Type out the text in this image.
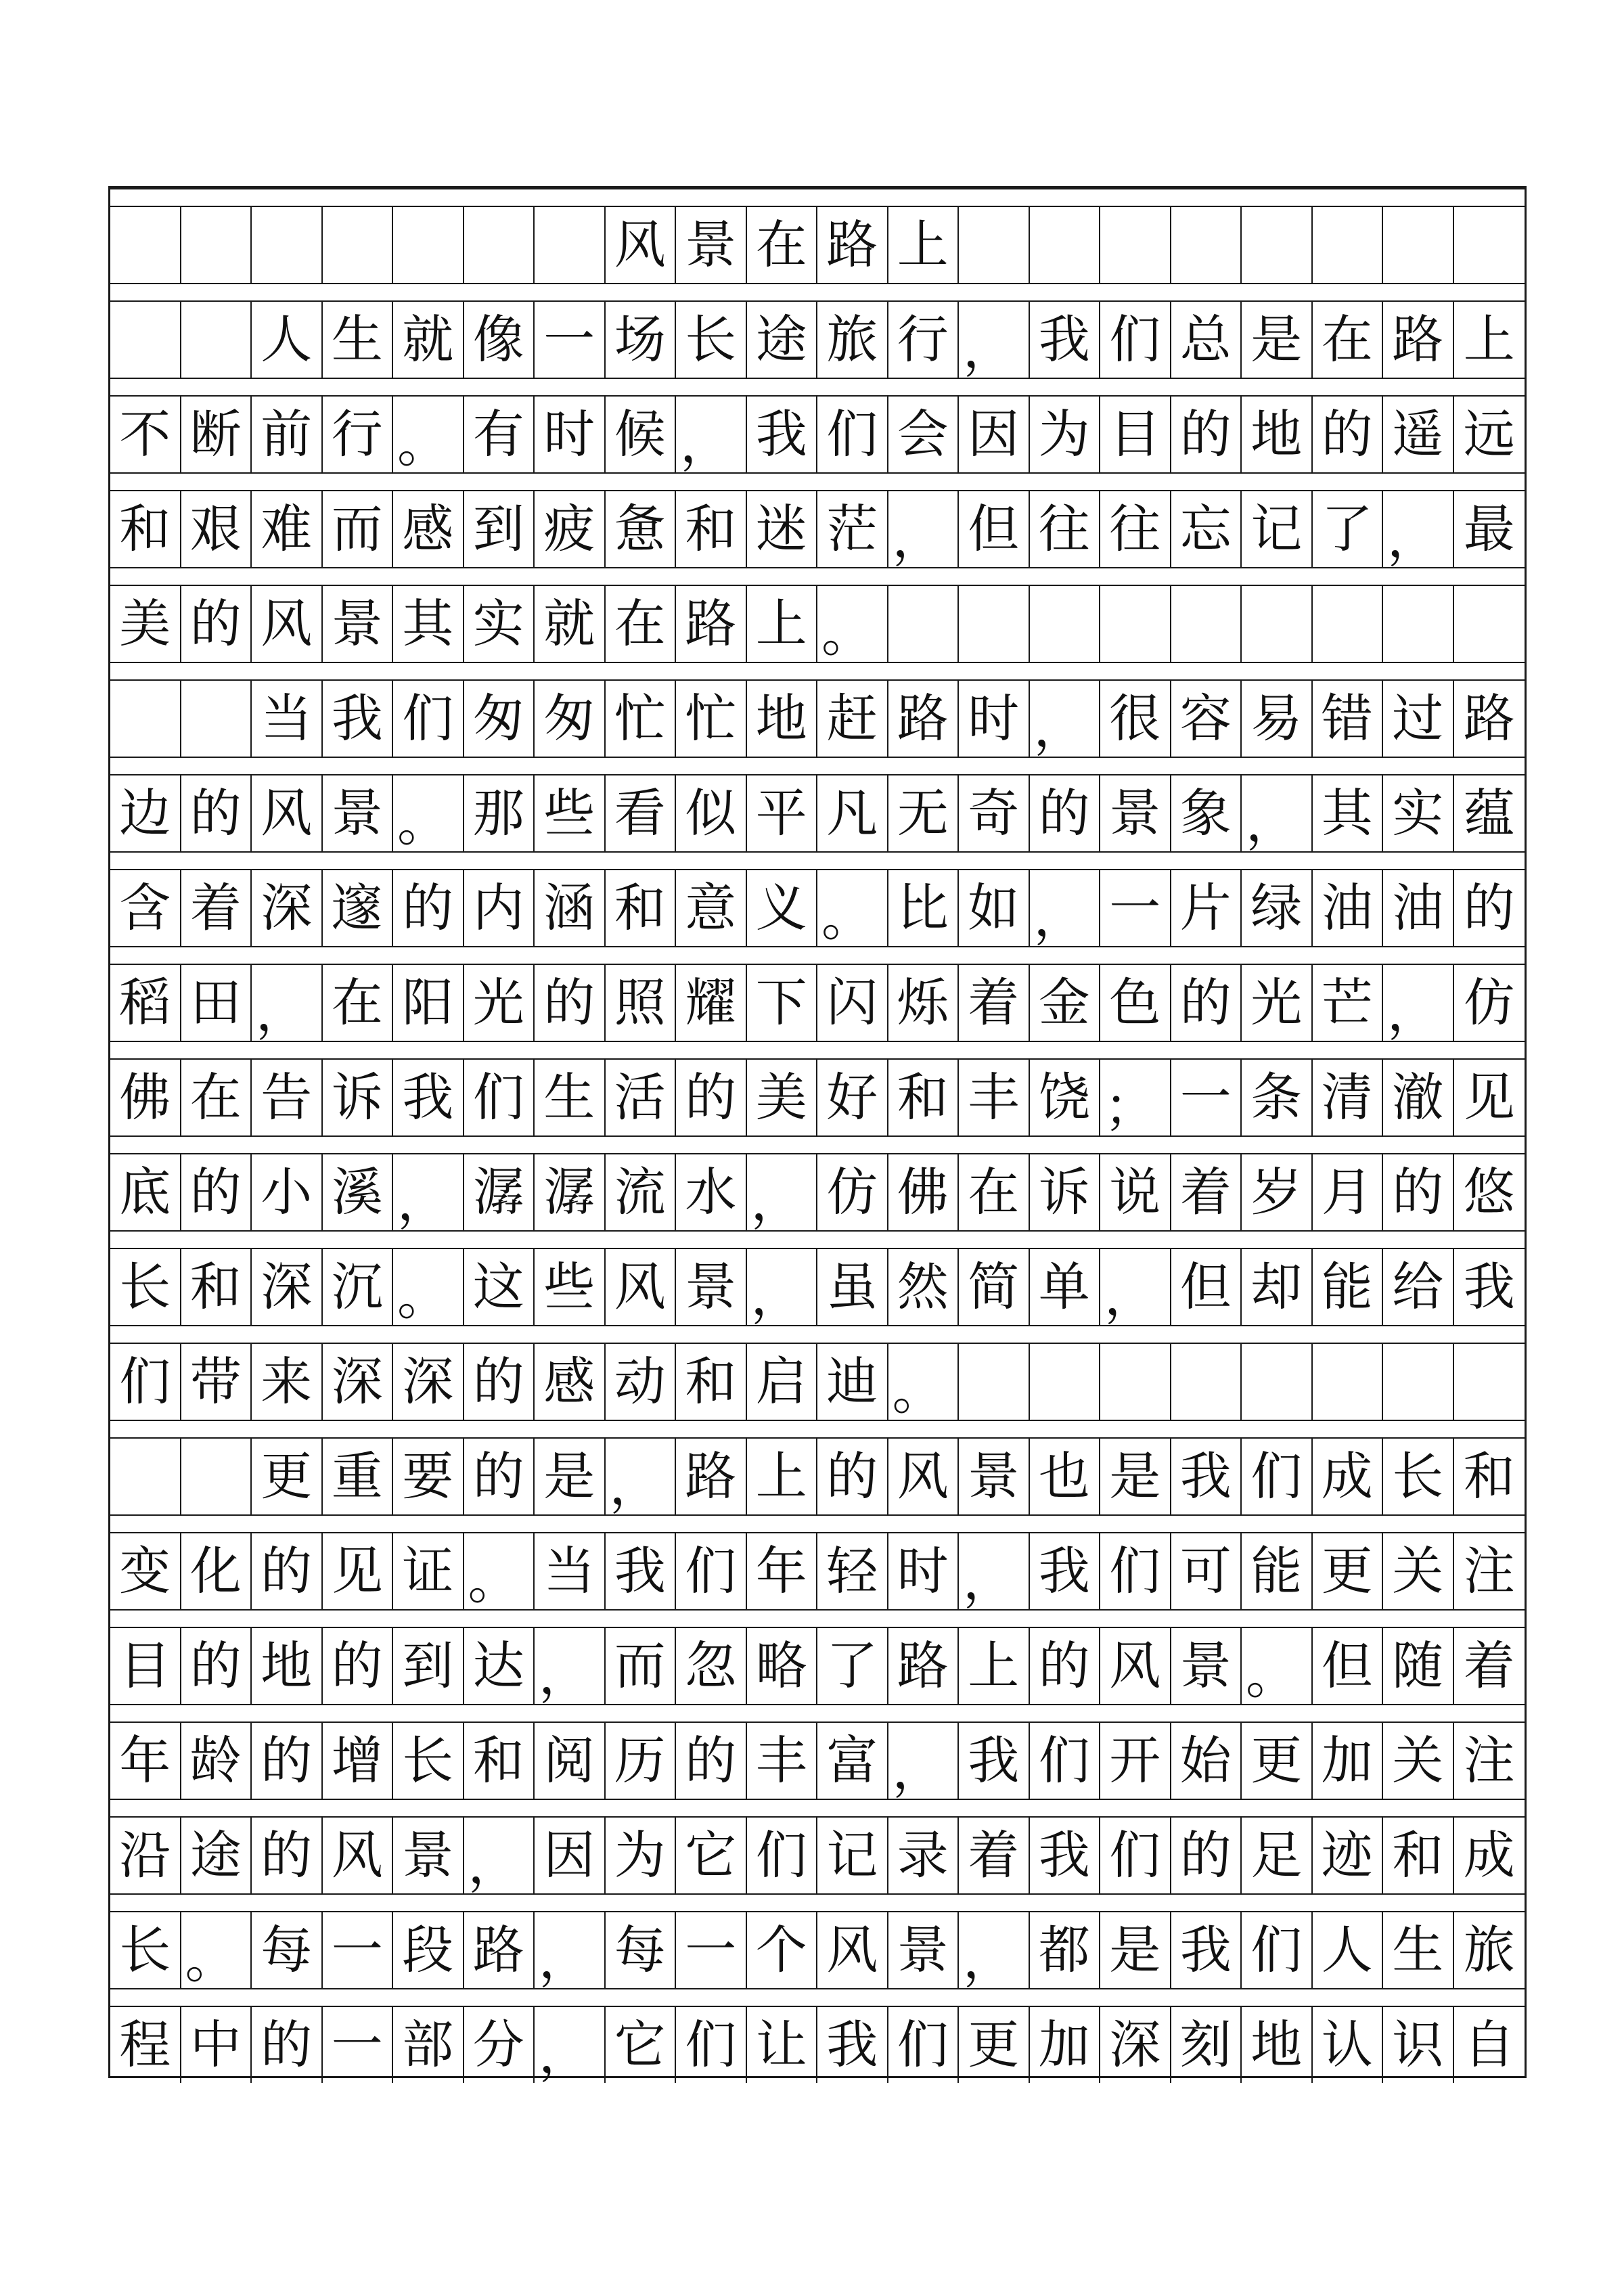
风 景 在 路 上
人 生 就 像 一 场 长 途 旅 行 ， 我 们 总 是 在 路 上
不 断 前 行 。 有 时 候 ， 我 们 会 因 为 目 的 地 的 遥 远
和 艰 难 而 感 到 疲 惫 和 迷 茫 ， 但 往 往 忘 记 了 ， 最
美 的 风 景 其 实 就 在 路 上 。
当 我 们 匆 匆 忙 忙 地 赶 路 时 ， 很 容 易 错 过 路
边 的 风 景 。 那 些 看 似 平 凡 无 奇 的 景 象 ， 其 实 蕴
含 着 深 邃 的 内 涵 和 意 义 。 比 如 ， 一 片 绿 油 油 的
稻 田 ， 在 阳 光 的 照 耀 下 闪 烁 着 金 色 的 光 芒 ， 仿
佛 在 告 诉 我 们 生 活 的 美 好 和 丰 饶 ； 一 条 清 澈 见
底 的 小 溪 ， 潺 潺 流 水 ， 仿 佛 在 诉 说 着 岁 月 的 悠
长 和 深 沉 。 这 些 风 景 ， 虽 然 简 单 ， 但 却 能 给 我
们 带 来 深 深 的 感 动 和 启 迪 。
更 重 要 的 是 ， 路 上 的 风 景 也 是 我 们 成 长 和
变 化 的 见 证 。 当 我 们 年 轻 时 ， 我 们 可 能 更 关 注
目 的 地 的 到 达 ， 而 忽 略 了 路 上 的 风 景 。 但 随 着
年 龄 的 增 长 和 阅 历 的 丰 富 ， 我 们 开 始 更 加 关 注
沿 途 的 风 景 ， 因 为 它 们 记 录 着 我 们 的 足 迹 和 成
长 。 每 一 段 路 ， 每 一 个 风 景 ， 都 是 我 们 人 生 旅
程 中 的 一 部 分 ， 它 们 让 我 们 更 加 深 刻 地 认 识 自
